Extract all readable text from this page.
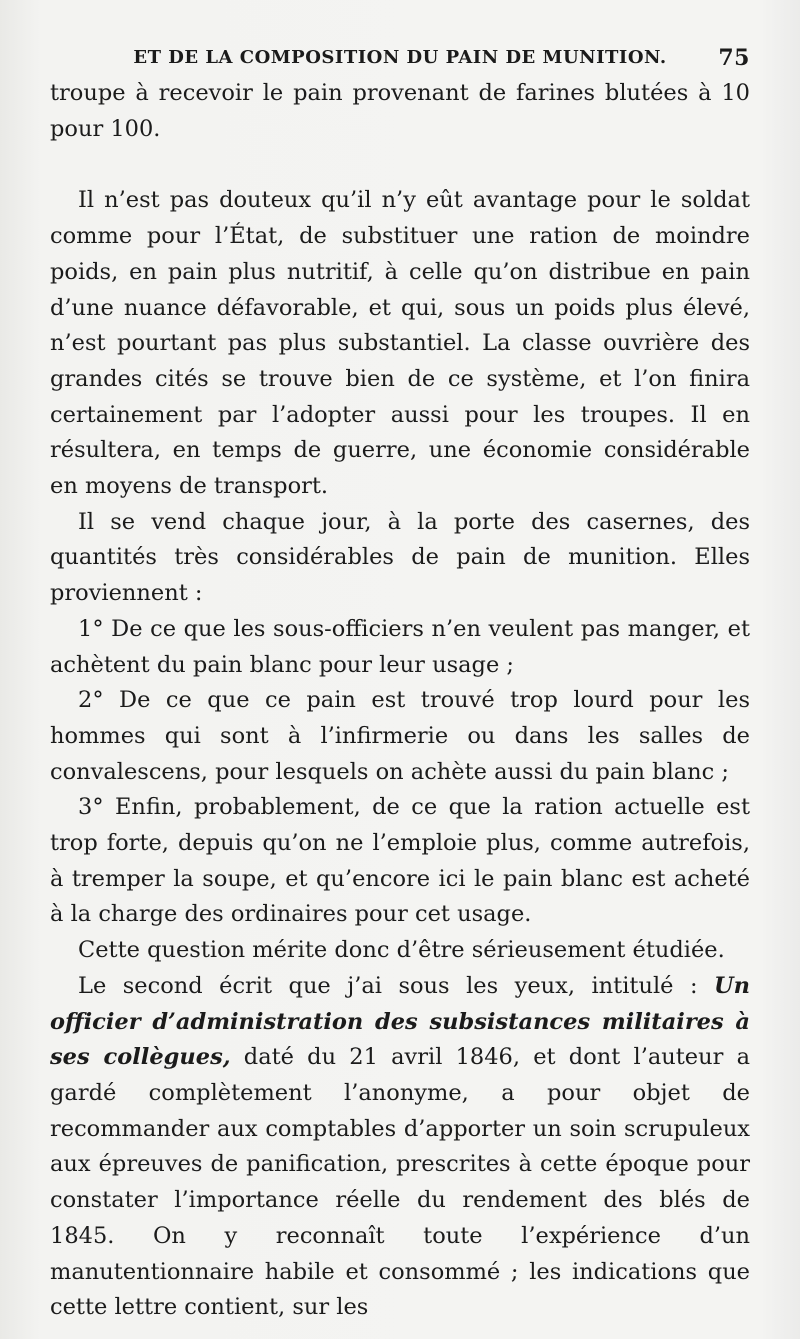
ET DE LA COMPOSITION DU PAIN DE MUNITION. 75

troupe à recevoir le pain provenant de farines blutées à 10 pour 100.

Il n’est pas douteux qu’il n’y eût avantage pour le soldat comme pour l’État, de substituer une ration de moindre poids, en pain plus nutritif, à celle qu’on distribue en pain d’une nuance défavorable, et qui, sous un poids plus élevé, n’est pourtant pas plus substantiel. La classe ouvrière des grandes cités se trouve bien de ce système, et l’on finira certainement par l’adopter aussi pour les troupes. Il en résultera, en temps de guerre, une économie considérable en moyens de transport.

Il se vend chaque jour, à la porte des casernes, des quantités très considérables de pain de munition. Elles proviennent :

1° De ce que les sous-officiers n’en veulent pas manger, et achètent du pain blanc pour leur usage ;

2° De ce que ce pain est trouvé trop lourd pour les hommes qui sont à l’infirmerie ou dans les salles de convalescens, pour lesquels on achète aussi du pain blanc ;

3° Enfin, probablement, de ce que la ration actuelle est trop forte, depuis qu’on ne l’emploie plus, comme autrefois, à tremper la soupe, et qu’encore ici le pain blanc est acheté à la charge des ordinaires pour cet usage.

Cette question mérite donc d’être sérieusement étudiée.

Le second écrit que j’ai sous les yeux, intitulé : Un officier d’administration des subsistances militaires à ses collègues, daté du 21 avril 1846, et dont l’auteur a gardé complètement l’anonyme, a pour objet de recommander aux comptables d’apporter un soin scrupuleux aux épreuves de panification, prescrites à cette époque pour constater l’importance réelle du rendement des blés de 1845. On y reconnaît toute l’expérience d’un manutentionnaire habile et consommé ; les indications que cette lettre contient, sur les
